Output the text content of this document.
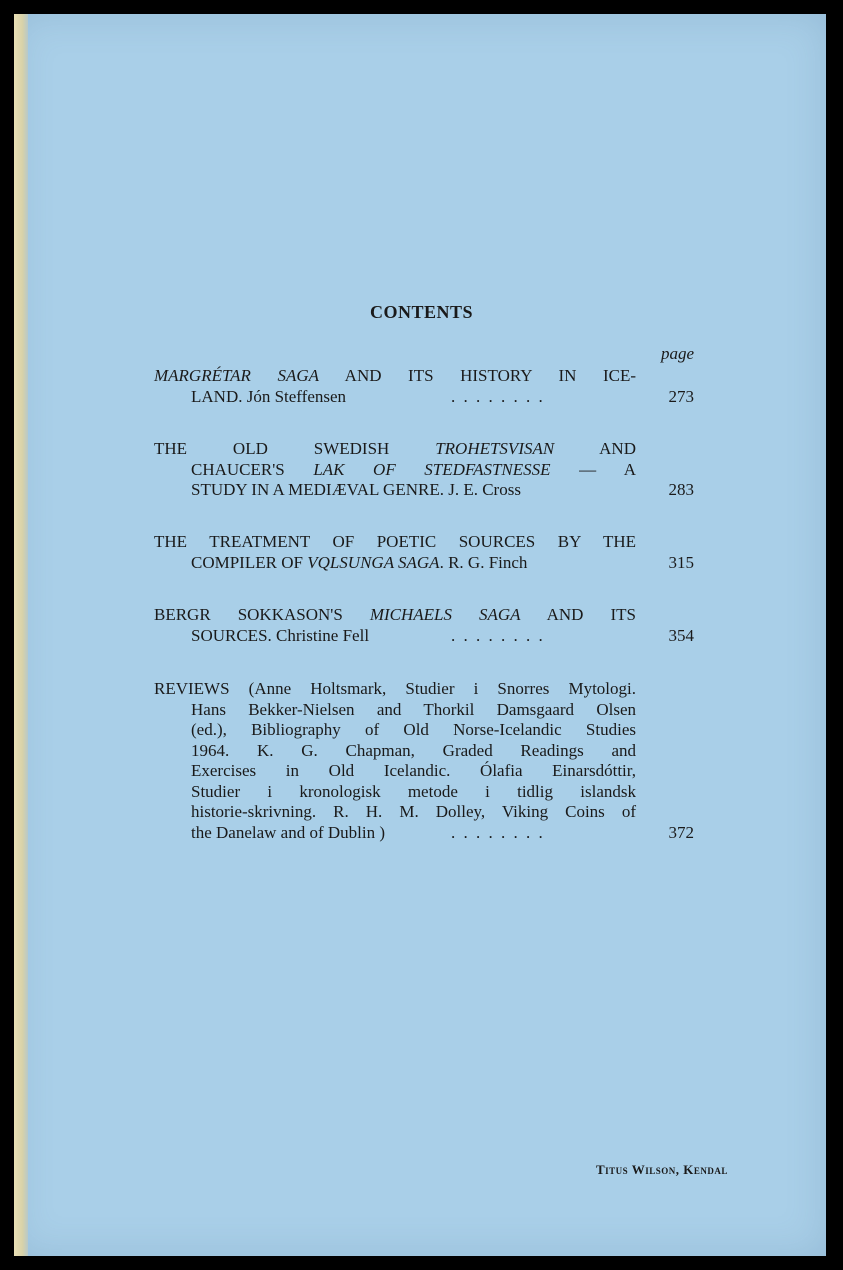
CONTENTS
page
MARGRÉTAR SAGA AND ITS HISTORY IN ICE-
LAND. Jón Steffensen	. . . . . . . .	273
THE OLD SWEDISH TROHETSVISAN AND
CHAUCER'S LAK OF STEDFASTNESSE — A
STUDY IN A MEDIÆVAL GENRE. J. E. Cross	283
THE TREATMENT OF POETIC SOURCES BY THE
COMPILER OF VQLSUNGA SAGA. R. G. Finch	315
BERGR SOKKASON'S MICHAELS SAGA AND ITS
SOURCES. Christine Fell	. . . . . . . .	354
REVIEWS (Anne Holtsmark, Studier i Snorres Mytologi.
Hans Bekker-Nielsen and Thorkil Damsgaard Olsen
(ed.), Bibliography of Old Norse-Icelandic Studies
1964. K. G. Chapman, Graded Readings and
Exercises in Old Icelandic. Ólafia Einarsdóttir,
Studier i kronologisk metode i tidlig islandsk
historie-skrivning. R. H. M. Dolley, Viking Coins of
the Danelaw and of Dublin )	. . . . . . . .	372
Titus Wilson, Kendal
